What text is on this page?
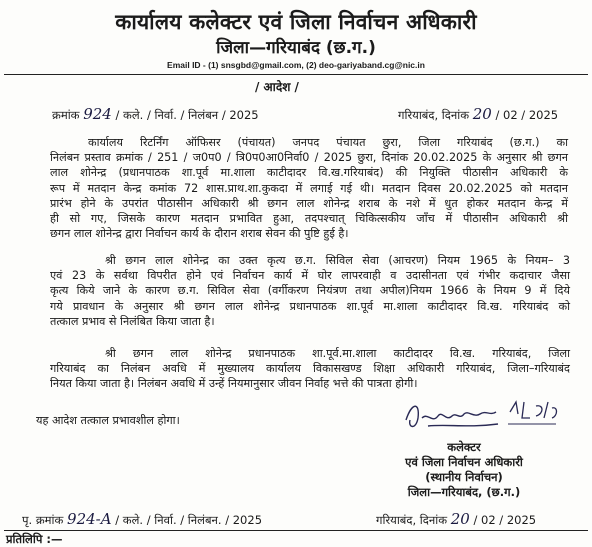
कार्यालय कलेक्टर एवं जिला निर्वाचन अधिकारी
जिला—गरियाबंद (छ.ग.)
Email ID - (1) snsgbd@gmail.com, (2) deo-gariyaband.cg@nic.in
/ आदेश /
क्रमांक 924 / कले. / निर्वा. / निलंबन / 2025	गरियाबंद, दिनांक 20 / 02 / 2025
कार्यालय रिटर्निंग ऑफिसर (पंचायत) जनपद पंचायत छुरा, जिला गरियाबंद (छ.ग.) का
निलंबन प्रस्ताव क्रमांक / 251 / ज0प0 / त्रि0प0आ0निर्वा0 / 2025 छुरा, दिनांक 20.02.2025 के अनुसार श्री छगन
लाल शोनेन्द्र (प्रधानपाठक शा.पूर्व मा.शाला काटीदादर वि.ख.गरियाबंद) की नियुक्ति पीठासीन अधिकारी के
रूप में मतदान केन्द्र कमांक 72 शास.प्राथ.शा.कुकदा में लगाई गई थी। मतदान दिवस 20.02.2025 को मतदान
प्रारंभ होने के उपरांत पीठासीन अधिकारी श्री छगन लाल शोनेन्द्र शराब के नशे में धुत होकर मतदान केन्द्र में
ही सो गए, जिसके कारण मतदान प्रभावित हुआ, तदपश्चात् चिकित्सकीय जाँच में पीठासीन अधिकारी श्री
छगन लाल शोनेन्द्र द्वारा निर्वाचन कार्य के दौरान शराब सेवन की पुष्टि हुई है।
श्री छगन लाल शोनेन्द्र का उक्त कृत्य छ.ग. सिविल सेवा (आचरण) नियम 1965 के नियम– 3
एवं 23 के सर्वथा विपरीत होने एवं निर्वाचन कार्य में घोर लापरवाही व उदासीनता एवं गंभीर कदाचार जैसा
कृत्य किये जाने के कारण छ.ग. सिविल सेवा (वर्गीकरण नियंत्रण तथा अपील)नियम 1966 के नियम 9 में दिये
गये प्रावधान के अनुसार श्री छगन लाल शोनेन्द्र प्रधानपाठक शा.पूर्व मा.शाला काटीदादर वि.ख. गरियाबंद को
तत्काल प्रभाव से निलंबित किया जाता है।
श्री छगन लाल शोनेन्द्र प्रधानपाठक शा.पूर्व.मा.शाला काटीदादर वि.ख. गरियाबंद, जिला
गरियाबंद का निलंबन अवधि में मुख्यालय कार्यालय विकासखण्ड शिक्षा अधिकारी गरियाबंद, जिला–गरियाबंद
नियत किया जाता है। निलंबन अवधि में उन्हें नियमानुसार जीवन निर्वाह भत्ते की पात्रता होगी।
यह आदेश तत्काल प्रभावशील होगा।
कलेक्टर
एवं जिला निर्वाचन अधिकारी
(स्थानीय निर्वाचन)
जिला—गरियाबंद, (छ.ग.)
पृ. क्रमांक 924-A / कले. / निर्वा. / निलंबन. / 2025	गरियाबंद, दिनांक 20 / 02 / 2025
प्रतिलिपि :—
